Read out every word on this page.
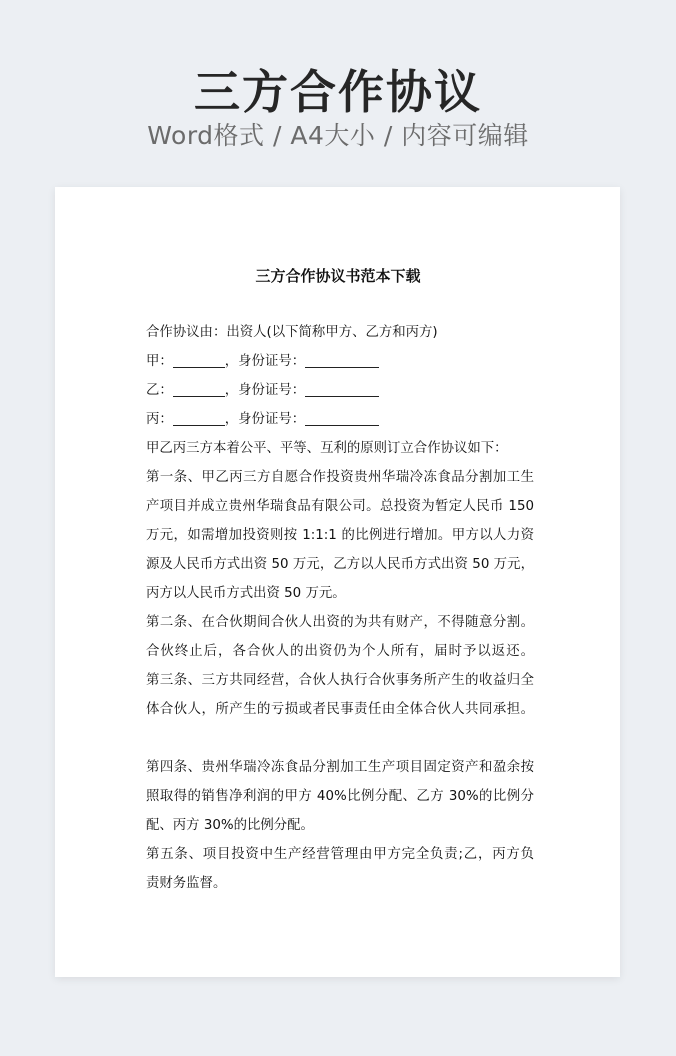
三方合作协议
Word格式 / A4大小 / 内容可编辑
三方合作协议书范本下载
合作协议由：出资人(以下简称甲方、乙方和丙方)
甲：	，身份证号：
乙：	，身份证号：
丙：	，身份证号：
甲乙丙三方本着公平、平等、互利的原则订立合作协议如下：
第一条、甲乙丙三方自愿合作投资贵州华瑞冷冻食品分割加工生
产项目并成立贵州华瑞食品有限公司。总投资为暂定人民币 150
万元，如需增加投资则按 1:1:1 的比例进行增加。甲方以人力资
源及人民币方式出资 50 万元，乙方以人民币方式出资 50 万元，
丙方以人民币方式出资 50 万元。
第二条、在合伙期间合伙人出资的为共有财产，不得随意分割。
合伙终止后，各合伙人的出资仍为个人所有，届时予以返还。
第三条、三方共同经营，合伙人执行合伙事务所产生的收益归全
体合伙人，所产生的亏损或者民事责任由全体合伙人共同承担。
第四条、贵州华瑞冷冻食品分割加工生产项目固定资产和盈余按
照取得的销售净利润的甲方 40%比例分配、乙方 30%的比例分
配、丙方 30%的比例分配。
第五条、项目投资中生产经营管理由甲方完全负责;乙，丙方负
责财务监督。
